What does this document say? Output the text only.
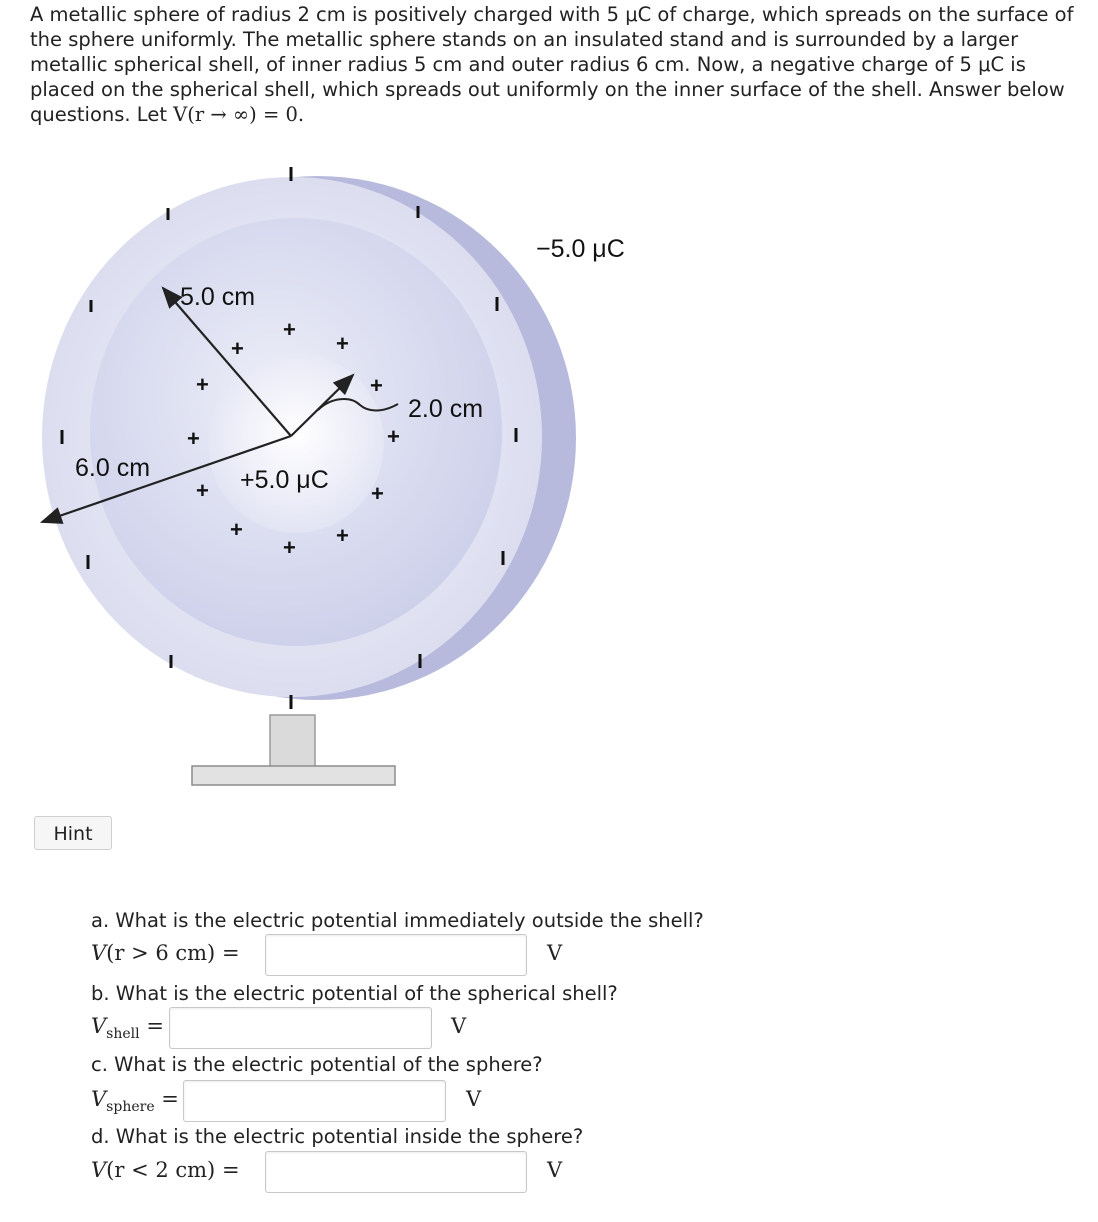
A metallic sphere of radius 2 cm is positively charged with 5 μC of charge, which spreads on the surface of the sphere uniformly. The metallic sphere stands on an insulated stand and is surrounded by a larger metallic spherical shell, of inner radius 5 cm and outer radius 6 cm. Now, a negative charge of 5 μC is placed on the spherical shell, which spreads out uniformly on the inner surface of the shell. Answer below questions. Let V(r → ∞) = 0.
+
+	+
+	+
+	+
+	+
+
+ +
−5.0 μC
5.0 cm
2.0 cm
6.0 cm	+5.0 μC
Hint
a. What is the electric potential immediately outside the shell?
V(r > 6 cm) =	V
b. What is the electric potential of the spherical shell?
$V_{shell}$ =	V
c. What is the electric potential of the sphere?
$V_{sphere}$ =	V
d. What is the electric potential inside the sphere?
V(r < 2 cm) =	V
